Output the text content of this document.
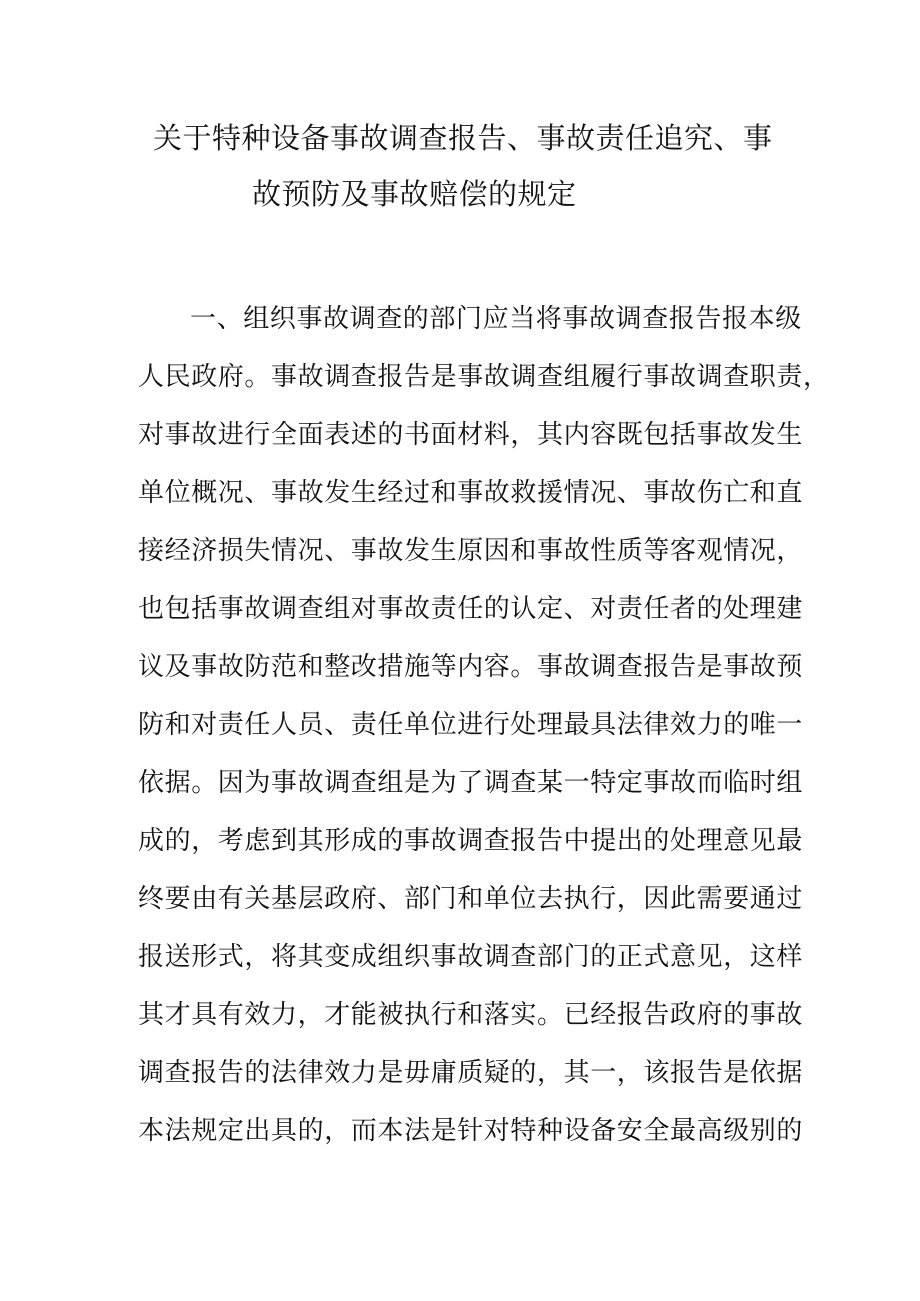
关于特种设备事故调查报告、事故责任追究、事
故预防及事故赔偿的规定
一、组织事故调查的部门应当将事故调查报告报本级
人民政府。事故调查报告是事故调查组履行事故调查职责，
对事故进行全面表述的书面材料，其内容既包括事故发生
单位概况、事故发生经过和事故救援情况、事故伤亡和直
接经济损失情况、事故发生原因和事故性质等客观情况，
也包括事故调查组对事故责任的认定、对责任者的处理建
议及事故防范和整改措施等内容。事故调查报告是事故预
防和对责任人员、责任单位进行处理最具法律效力的唯一
依据。因为事故调查组是为了调查某一特定事故而临时组
成的，考虑到其形成的事故调查报告中提出的处理意见最
终要由有关基层政府、部门和单位去执行，因此需要通过
报送形式，将其变成组织事故调查部门的正式意见，这样
其才具有效力，才能被执行和落实。已经报告政府的事故
调查报告的法律效力是毋庸质疑的，其一，该报告是依据
本法规定出具的，而本法是针对特种设备安全最高级别的
